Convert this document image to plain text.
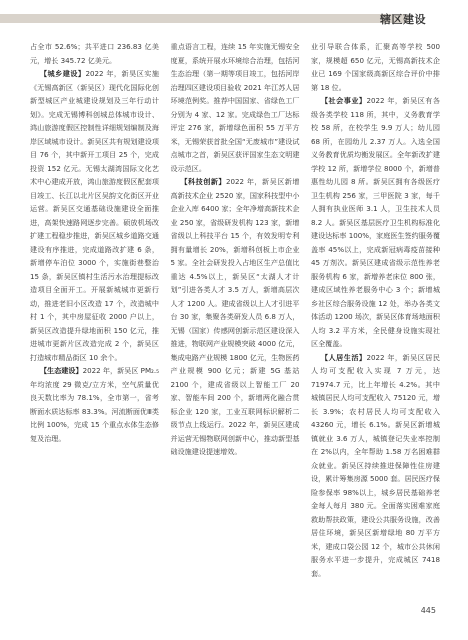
辖区建设

占全市 52.6%；共平进口 236.83 亿美元，增长 345.72 亿美元。

【城乡建设】2022 年，新昊区实施《无锡高新区（新吴区）现代化国际化创新型城区产业城建设规划及三年行动计划》。完成无锡博科创城总体城市设计、鸿山旅游度假区控制性详细规划编制及海岸区域城市设计。新吴区共有规划建设项目 76 个，其中新开工项目 25 个，完成投资 152 亿元。无锡太湖湾国际文化艺术中心建成开放，鸿山旅游度假区配套项目竣工、长江以北片区吴韵文化街区开业运营。新吴区交通基础设施建设全面推进，高架快速路网逐步完善。硕放机场改扩建工程稳步推进，新吴区城乡道路交通建设有序推进，完成道路改扩建 6 条，新增停车泊位 3000 个，实施街巷整治 15 条，新吴区镇村生活污水治理提标改造项目全面开工。开展新城城市更新行动，推进老旧小区改造 17 个，改造城中村 1 个，其中房屋征收 2000 户以上，新吴区改造提升绿地面积 150 亿元，推进城市更新片区改造完成 2 个，新吴区打造城市精品街区 10 余个。

【生态建设】2022 年，新吴区 PM₂.₅ 年均浓度 29 微克/立方米，空气质量优良天数比率为 78.1%，全市第一，省考断面水质达标率 83.3%。河流断面优Ⅲ类比例 100%，完成 15 个重点水体生态修复及治理。

重点语言工程，连续 15 年实施无锡安全度夏，系统开展水环境综合治理，包括河生态治理（第一期等项目竣工，包括河岸治理四区建设项目验收 2021 年江苏人居环境范例奖。推荐中国国家、省绿色工厂分别为 4 家、12 家。完成绿色工厂达标评定 276 家，新增绿色面积 55 万平方米，无锡荣获首批全国“无废城市”建设试点城市之首，新吴区获评国家生态文明建设示范区。

【科技创新】2022 年，新吴区新增高新技术企业 2520 家，国家科技型中小企业入库 6400 家；全年净增高新技术企业 250 家，省级研发机构 123 家，新增省级以上科技平台 15 个，有效发明专利拥有量增长 20%，新增科创板上市企业 5 家。全社会研发投入占地区生产总值比重达 4.5%以上，新吴区“太湖人才计划”引进各类人才 3.5 万人，新增高层次人才 1200 人。建成省级以上人才引进平台 30 家，集聚各类研发人员 6.8 万人，无锡（国家）传感网创新示范区建设深入推进，物联网产业规模突破 4000 亿元，集成电路产业规模 1800 亿元，生物医药产业规模 900 亿元；新建 5G 基站 2100 个，建成省级以上智能工厂 20 家、智能车间 200 个，新增两化融合贯标企业 120 家，工业互联网标识解析二级节点上线运行。2022 年，新吴区建成并运营无锡物联网创新中心，推动新型基础设施建设提速增效。

业引导联合体系，汇聚高等学校 500 家，规模超 650 亿元，无锡高新技术企业已 169 个国家级高新区综合评价中排第 18 位。

【社会事业】2022 年，新吴区有各级各类学校 118 所，其中，义务教育学校 58 所，在校学生 9.9 万人；幼儿园 68 所，在园幼儿 2.37 万人。入选全国义务教育优质均衡发展区。全年新改扩建学校 12 所，新增学位 8000 个，新增普惠性幼儿园 8 所。新吴区拥有各级医疗卫生机构 256 家，三甲医院 3 家，每千人拥有执业医师 3.1 人，卫生技术人员 8.2 人。新吴区基层医疗卫生机构标准化建设达标率 100%，家庭医生签约服务覆盖率 45%以上，完成新冠病毒疫苗接种 45 万剂次。新吴区建成省级示范性养老服务机构 6 家，新增养老床位 800 张，建成区域性养老服务中心 3 个；新增城乡社区综合服务设施 12 处，举办各类文体活动 1200 场次，新吴区体育场地面积人均 3.2 平方米，全民健身设施实现社区全覆盖。

【人居生活】2022 年，新吴区居民人均可支配收入实现 7 万元，达 71974.7 元，比上年增长 4.2%。其中城镇居民人均可支配收入 75120 元，增长 3.9%；农村居民人均可支配收入 43260 元，增长 6.1%。新吴区新增城镇就业 3.6 万人，城镇登记失业率控制在 2%以内，全年帮助 1.58 万名困难群众就业。新吴区持续推进保障性住房建设，累计筹集房源 5000 套。居民医疗保险参保率 98%以上，城乡居民基础养老金每人每月 380 元。全面落实困难家庭救助帮扶政策，建设公共服务设施，改善居住环境，新吴区新增绿地 80 万平方米，建成口袋公园 12 个，城市公共休闲服务水平进一步提升，完成城区 7418 套。

445
